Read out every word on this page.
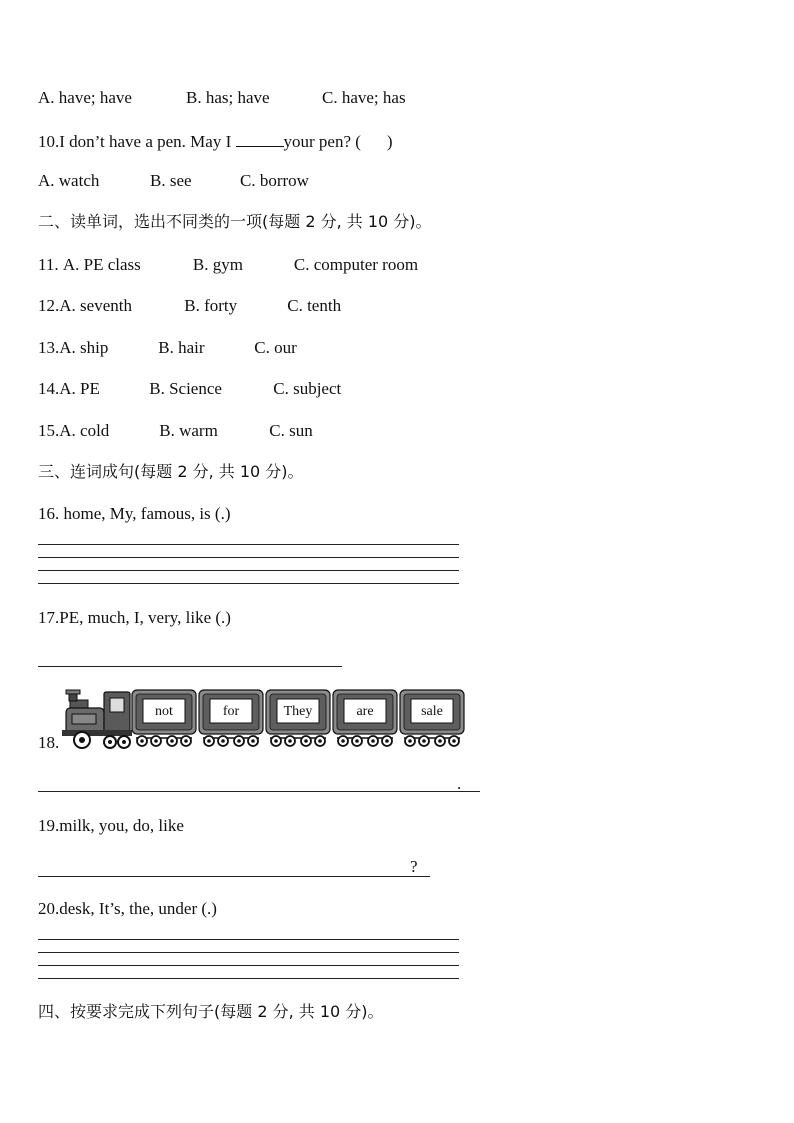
A. have; have	B. has; have	C. have; has
10.I don’t have a pen. May I	your pen? ( )
A. watch	B. see	C. borrow
二、读单词，选出不同类的一项(每题 2 分, 共 10 分)。
11. A. PE class	B. gym	C. computer room
12.A. seventh	B. forty	C. tenth
13.A. ship	B. hair	C. our
14.A. PE	B. Science	C. subject
15.A. cold	B. warm	C. sun
三、连词成句(每题 2 分, 共 10 分)。
16. home, My, famous, is (.)
17.PE, much, I, very, like (.)
18.
not	for	They	are	sale
.
19.milk, you, do, like
?
20.desk, It’s, the, under (.)
四、按要求完成下列句子(每题 2 分, 共 10 分)。
